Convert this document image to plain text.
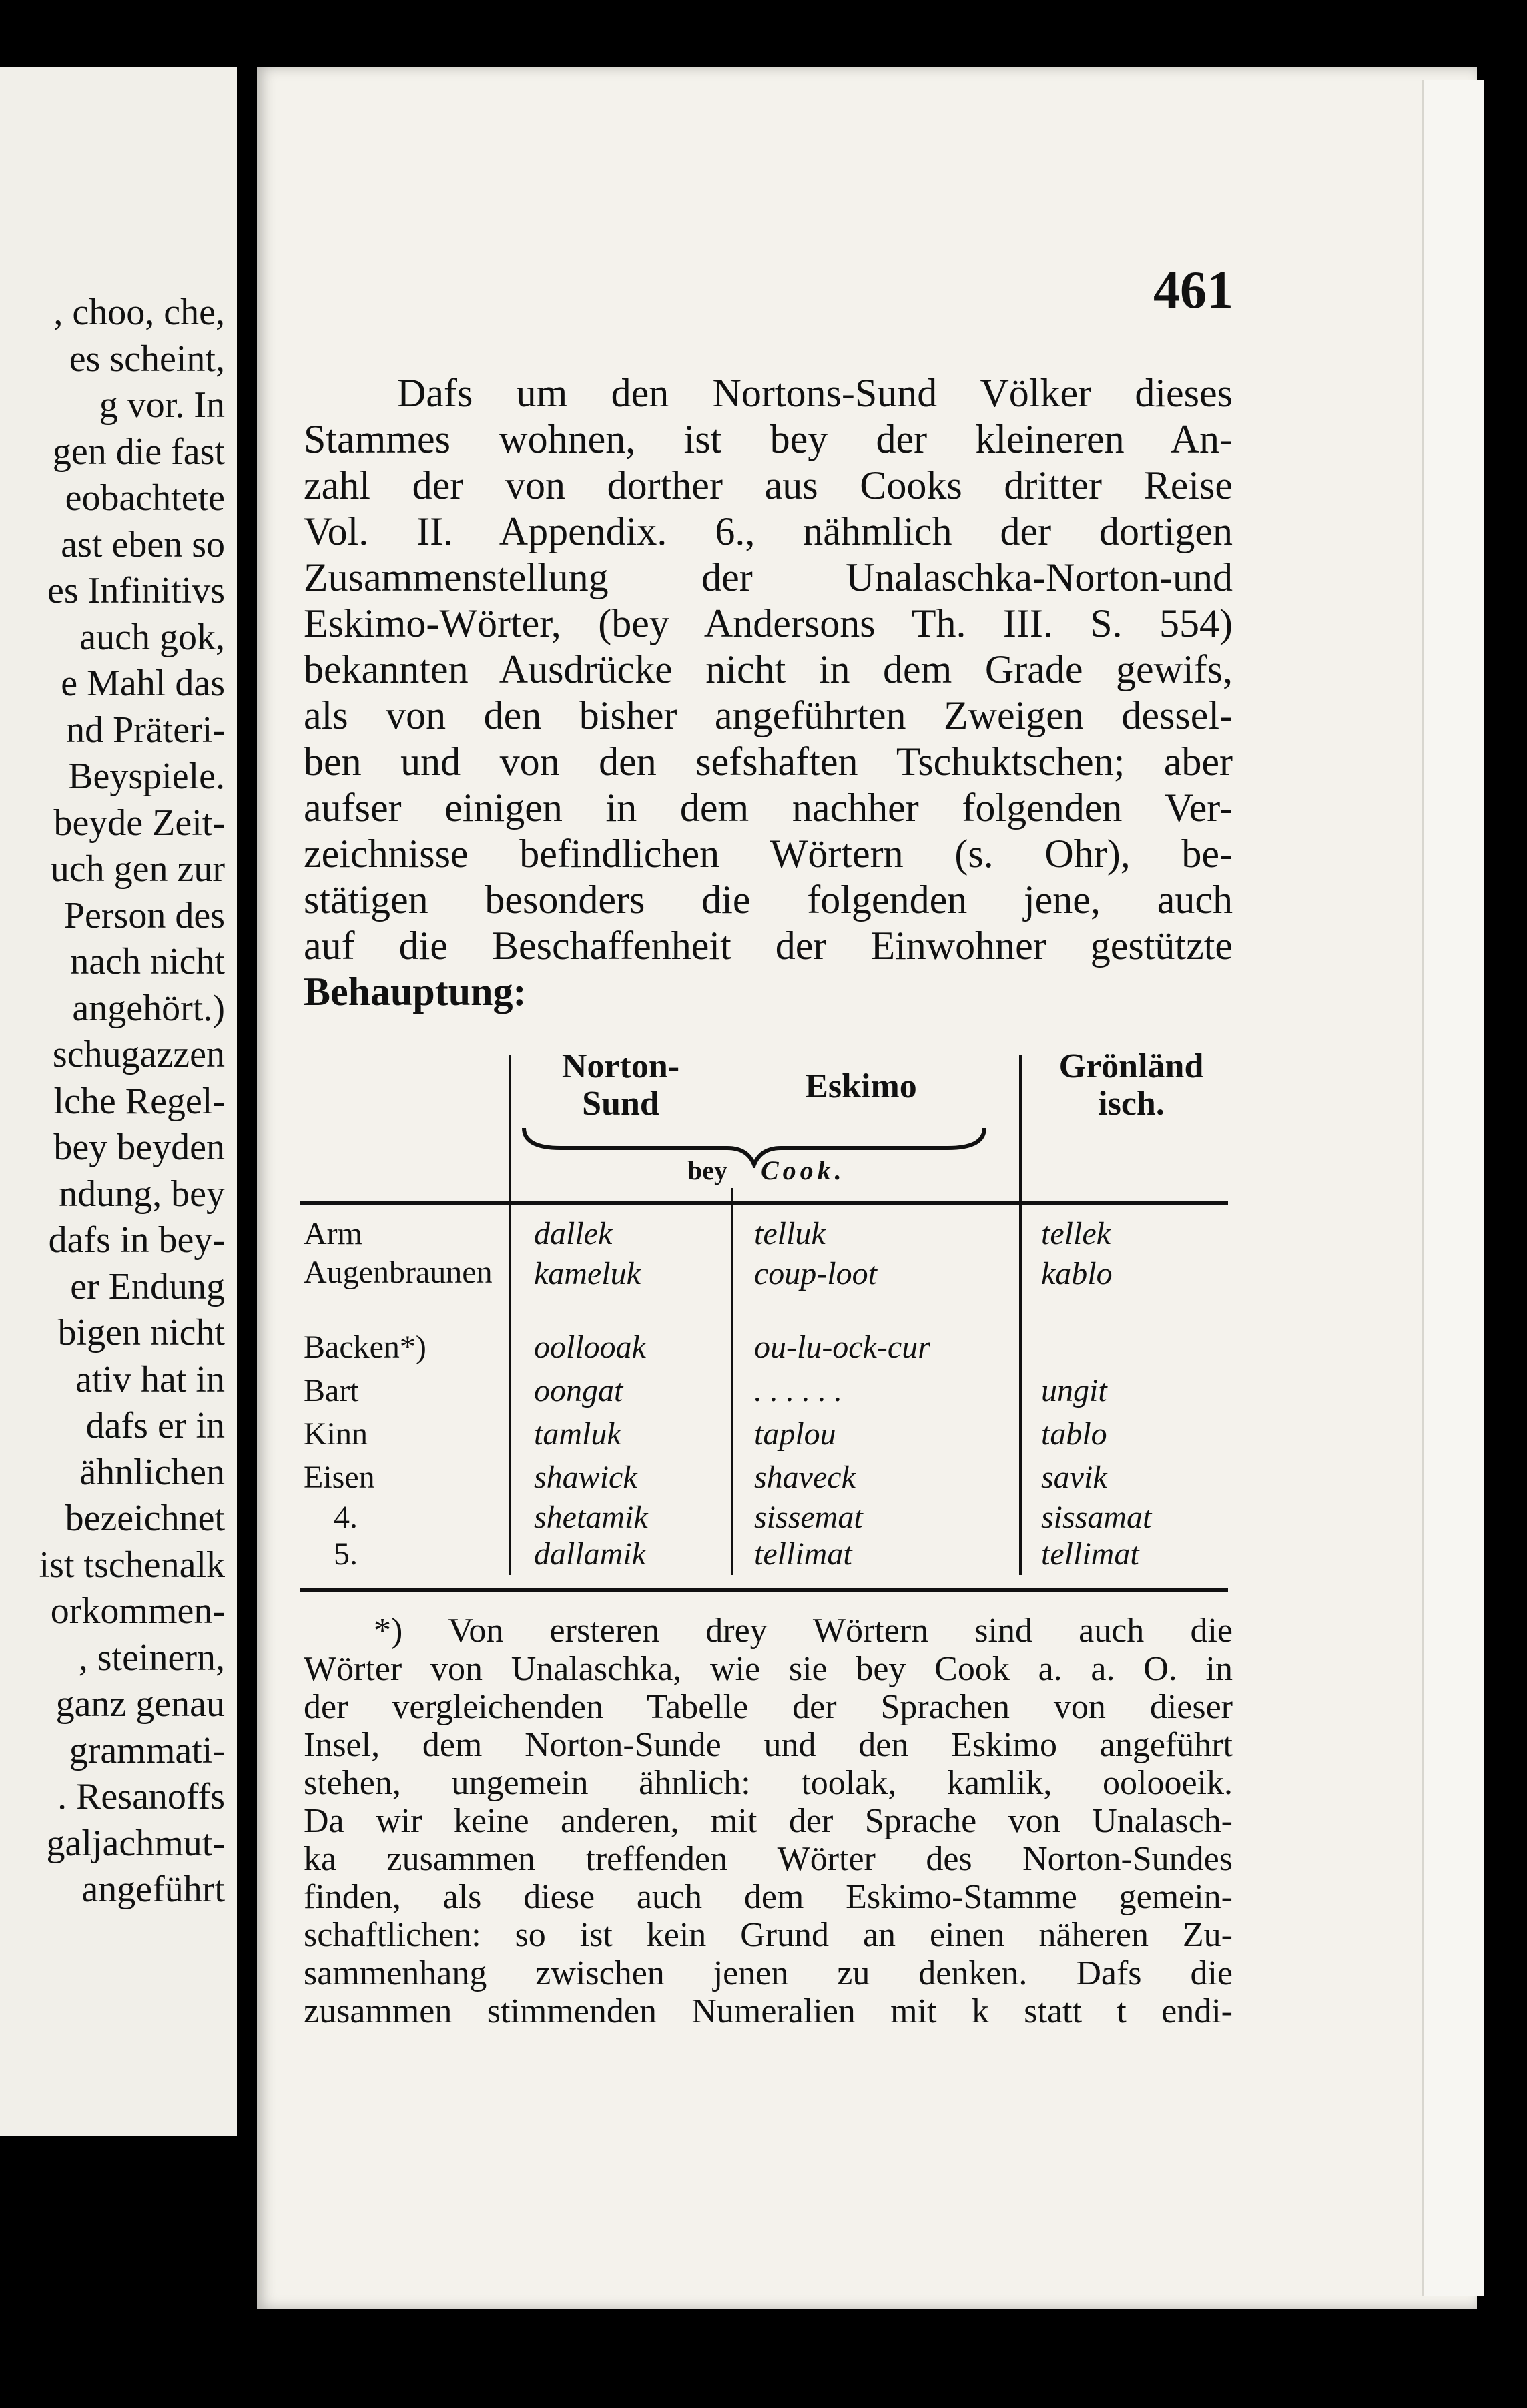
, choo, che,
es scheint,
g vor. In
gen die fast
eobachtete
ast eben so
es Infinitivs
auch gok,
e Mahl das
nd Präteri-
Beyspiele.
beyde Zeit-
uch gen zur
Person des
nach nicht
angehört.)
schugazzen
lche Regel-
bey beyden
ndung, bey
dafs in bey-
er Endung
bigen nicht
ativ hat in
dafs er in
ähnlichen
bezeichnet
ist tschenalk
orkommen-
, steinern,
ganz genau
grammati-
. Resanoffs
galjachmut-
angeführt
461
Dafs um den Nortons-Sund Völker dieses
Stammes wohnen, ist bey der kleineren An-
zahl der von dorther aus Cooks dritter Reise
Vol. II. Appendix. 6., nähmlich der dortigen
Zusammenstellung der Unalaschka-Norton-und
Eskimo-Wörter, (bey Andersons Th. III. S. 554)
bekannten Ausdrücke nicht in dem Grade gewifs,
als von den bisher angeführten Zweigen dessel-
ben und von den sefshaften Tschuktschen; aber
aufser einigen in dem nachher folgenden Ver-
zeichnisse befindlichen Wörtern (s. Ohr), be-
stätigen besonders die folgenden jene, auch
auf die Beschaffenheit der Einwohner gestützte
Behauptung:
Norton-Sund	Eskimo
Grönländisch.
bey Cook.
Arm	dallek	telluk	tellek
Augenbraunen kameluk	coup-loot	kablo
Backen*)	oollooak	ou-lu-ock-cur
Bart	oongat	. . . . . .	ungit
Kinn	tamluk	taplou	tablo
Eisen	shawick	shaveck	savik
4.	shetamik	sissemat	sissamat
5.	dallamik	tellimat	tellimat
*) Von ersteren drey Wörtern sind auch die
Wörter von Unalaschka, wie sie bey Cook a. a. O. in
der vergleichenden Tabelle der Sprachen von dieser
Insel, dem Norton-Sunde und den Eskimo angeführt
stehen, ungemein ähnlich: toolak, kamlik, oolooeik.
Da wir keine anderen, mit der Sprache von Unalasch-
ka zusammen treffenden Wörter des Norton-Sundes
finden, als diese auch dem Eskimo-Stamme gemein-
schaftlichen: so ist kein Grund an einen näheren Zu-
sammenhang zwischen jenen zu denken. Dafs die
zusammen stimmenden Numeralien mit k statt t endi-
